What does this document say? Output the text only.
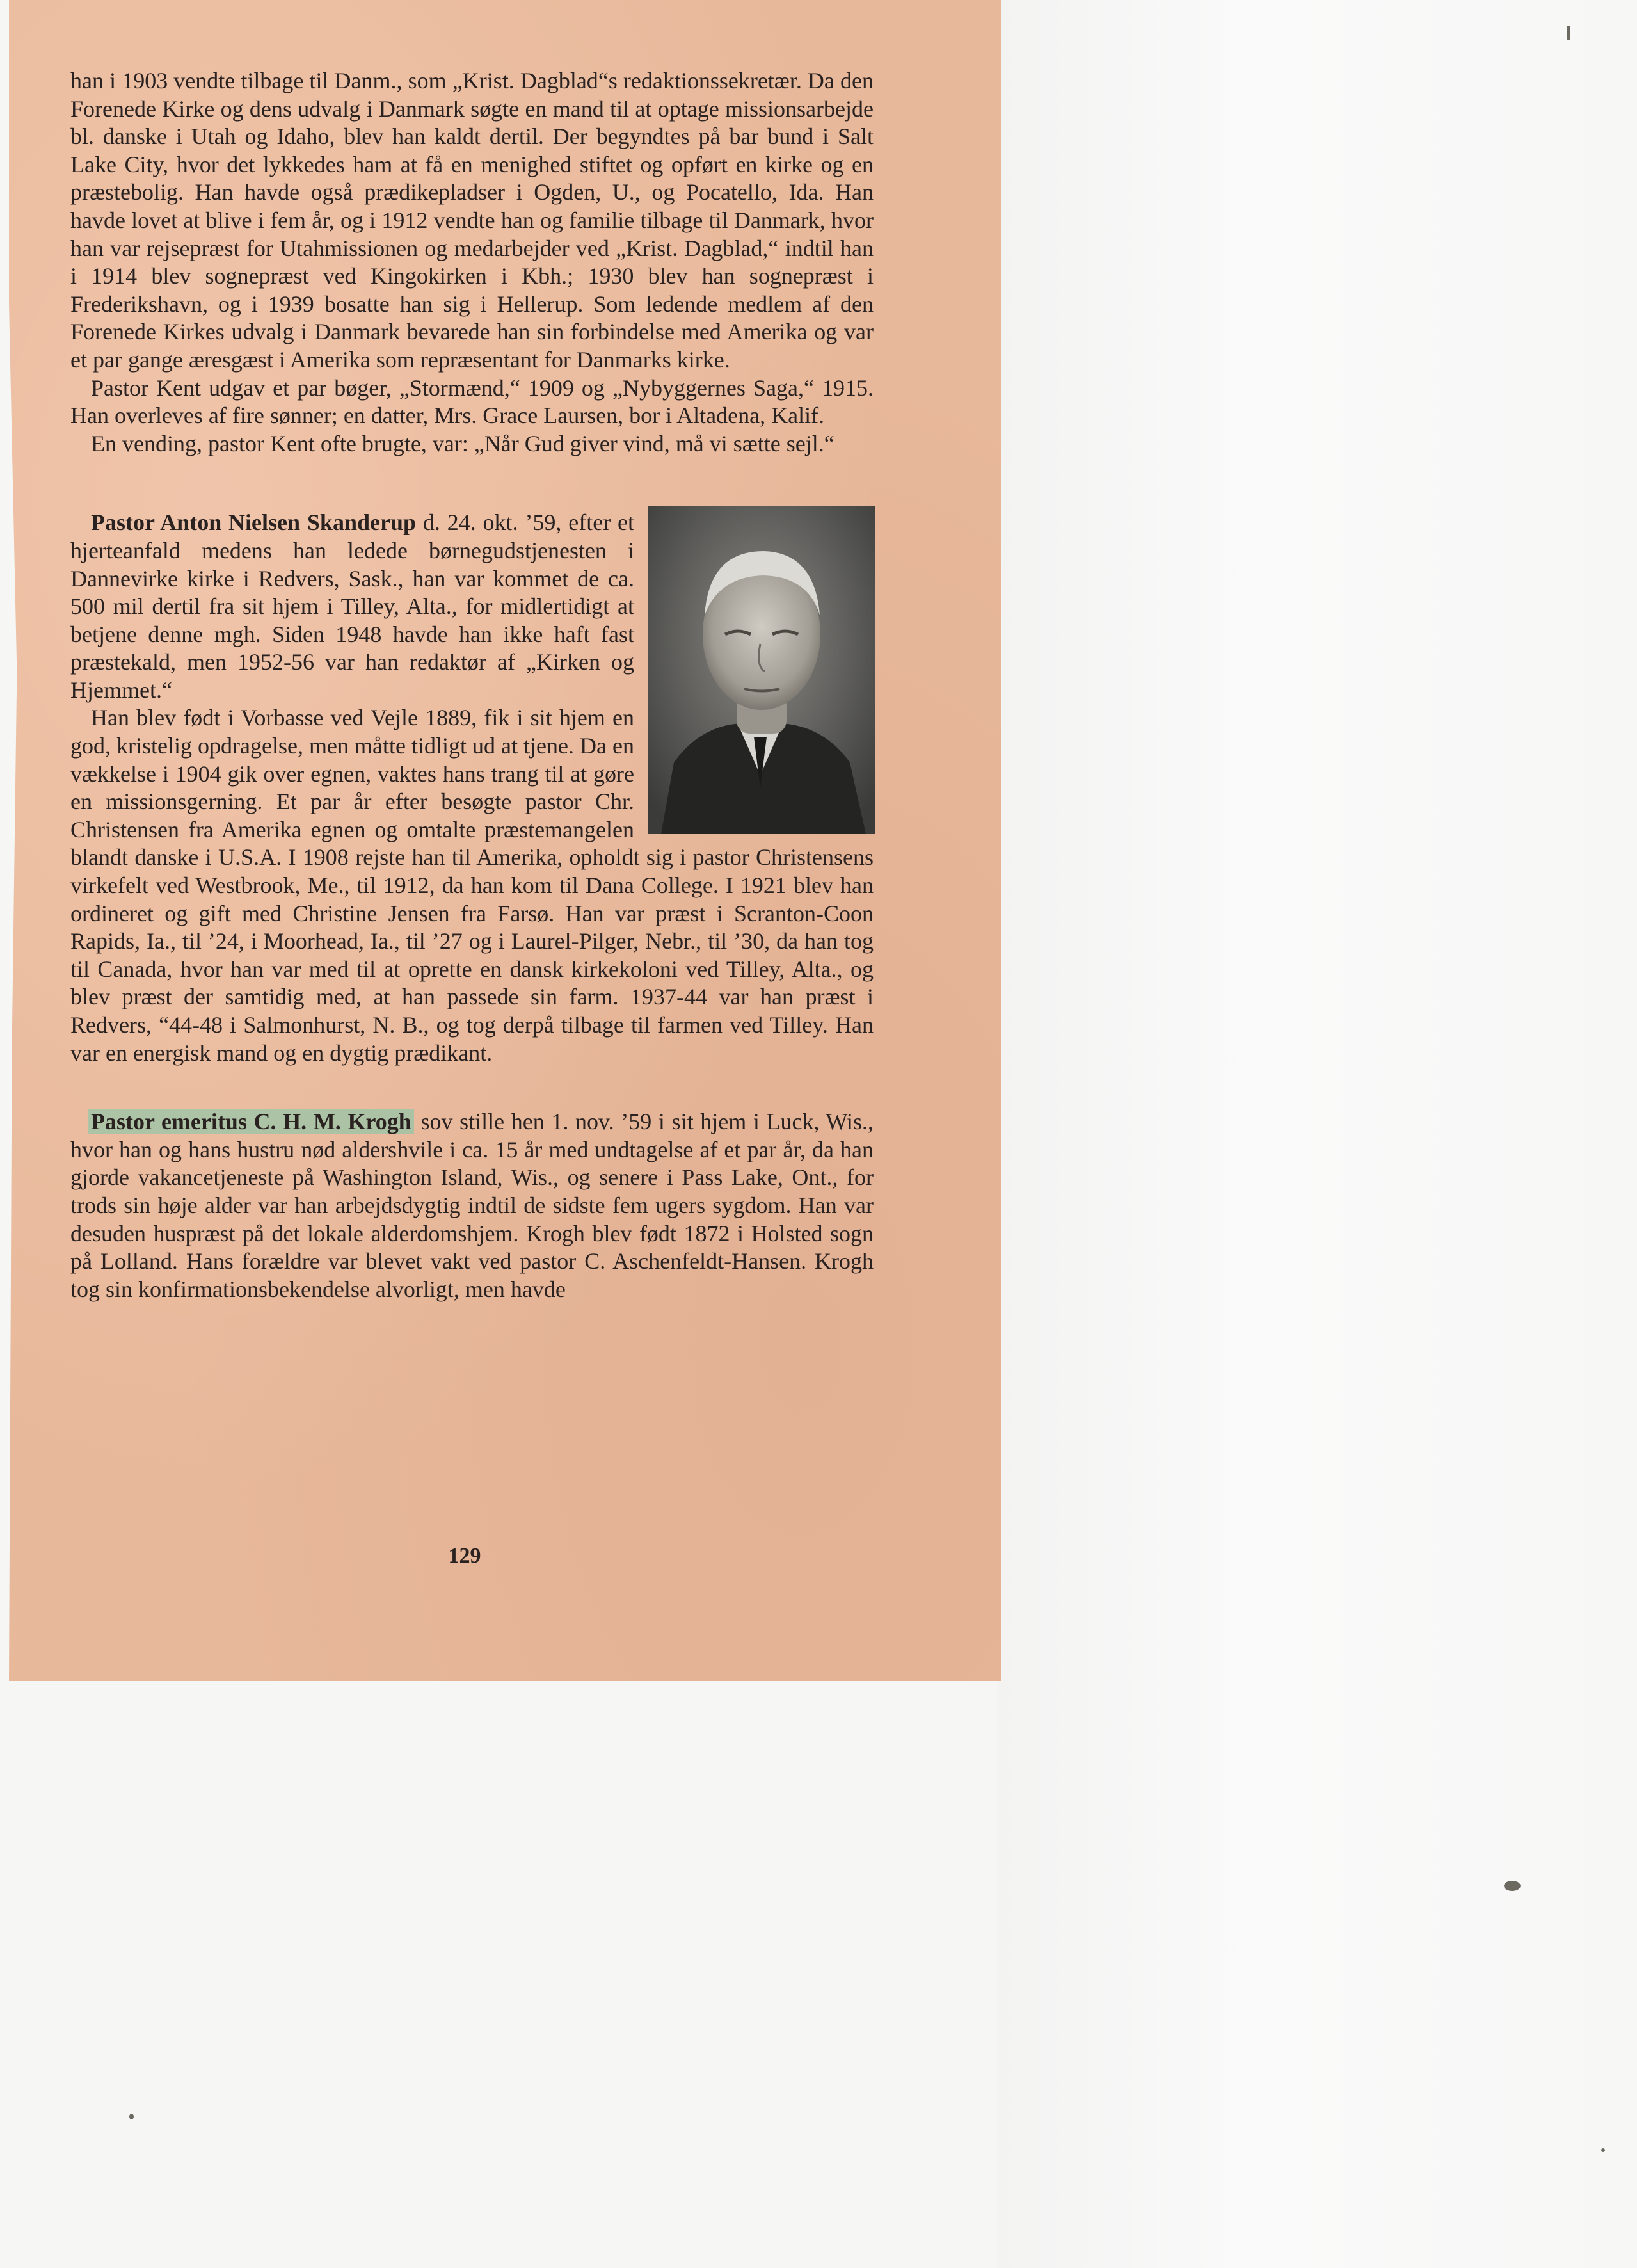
han i 1903 vendte tilbage til Danm., som „Krist. Dagblad“s redaktionssekretær. Da den Forenede Kirke og dens udvalg i Danmark søgte en mand til at optage missionsarbejde bl. danske i Utah og Idaho, blev han kaldt dertil. Der begyndtes på bar bund i Salt Lake City, hvor det lykkedes ham at få en menighed stiftet og opført en kirke og en præstebolig. Han havde også prædikepladser i Ogden, U., og Pocatello, Ida. Han havde lovet at blive i fem år, og i 1912 vendte han og familie tilbage til Danmark, hvor han var rejsepræst for Utahmissionen og medarbejder ved „Krist. Dagblad,“ indtil han i 1914 blev sognepræst ved Kingokirken i Kbh.; 1930 blev han sognepræst i Frederikshavn, og i 1939 bosatte han sig i Hellerup. Som ledende medlem af den Forenede Kirkes udvalg i Danmark bevarede han sin forbindelse med Amerika og var et par gange æresgæst i Amerika som repræsentant for Danmarks kirke.

Pastor Kent udgav et par bøger, „Stormænd,“ 1909 og „Nybyggernes Saga,“ 1915. Han overleves af fire sønner; en datter, Mrs. Grace Laursen, bor i Altadena, Kalif.

En vending, pastor Kent ofte brugte, var: „Når Gud giver vind, må vi sætte sejl.“

Pastor Anton Nielsen Skanderup d. 24. okt. ’59, efter et hjerteanfald medens han ledede børnegudstjenesten i Dannevirke kirke i Redvers, Sask., han var kommet de ca. 500 mil dertil fra sit hjem i Tilley, Alta., for midlertidigt at betjene denne mgh. Siden 1948 havde han ikke haft fast præstekald, men 1952-56 var han redaktør af „Kirken og Hjemmet.“

Han blev født i Vorbasse ved Vejle 1889, fik i sit hjem en god, kristelig opdragelse, men måtte tidligt ud at tjene. Da en vækkelse i 1904 gik over egnen, vaktes hans trang til at gøre en missionsgerning. Et par år efter besøgte pastor Chr. Christensen fra Amerika egnen og omtalte præstemangelen blandt danske i U.S.A. I 1908 rejste han til Amerika, opholdt sig i pastor Christensens virkefelt ved Westbrook, Me., til 1912, da han kom til Dana College. I 1921 blev han ordineret og gift med Christine Jensen fra Farsø. Han var præst i Scranton-Coon Rapids, Ia., til ’24, i Moorhead, Ia., til ’27 og i Laurel-Pilger, Nebr., til ’30, da han tog til Canada, hvor han var med til at oprette en dansk kirkekoloni ved Tilley, Alta., og blev præst der samtidig med, at han passede sin farm. 1937-44 var han præst i Redvers, “44-48 i Salmonhurst, N. B., og tog derpå tilbage til farmen ved Tilley. Han var en energisk mand og en dygtig prædikant.

Pastor emeritus C. H. M. Krogh sov stille hen 1. nov. ’59 i sit hjem i Luck, Wis., hvor han og hans hustru nød aldershvile i ca. 15 år med undtagelse af et par år, da han gjorde vakancetjeneste på Washington Island, Wis., og senere i Pass Lake, Ont., for trods sin høje alder var han arbejdsdygtig indtil de sidste fem ugers sygdom. Han var desuden huspræst på det lokale alderdomshjem. Krogh blev født 1872 i Holsted sogn på Lolland. Hans forældre var blevet vakt ved pastor C. Aschenfeldt-Hansen. Krogh tog sin konfirmationsbekendelse alvorligt, men havde

129
